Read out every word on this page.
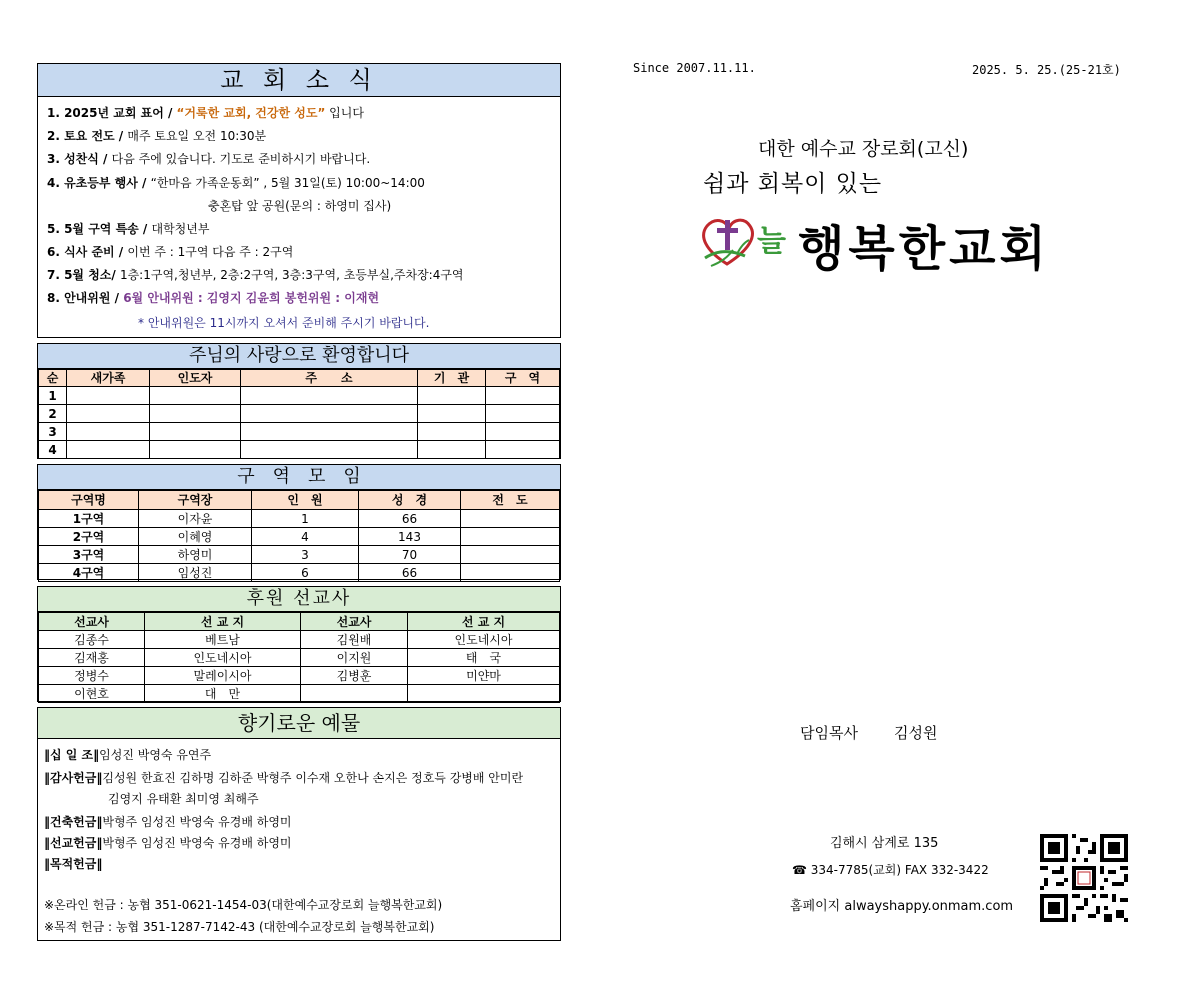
교 회 소 식
1. 2025년 교회 표어 / “거룩한 교회, 건강한 성도” 입니다
2. 토요 전도 / 매주 토요일 오전 10:30분
3. 성찬식 / 다음 주에 있습니다. 기도로 준비하시기 바랍니다.
4. 유초등부 행사 / “한마음 가족운동회” , 5월 31일(토) 10:00~14:00
충혼탑 앞 공원(문의 : 하영미 집사)
5. 5월 구역 특송 / 대학청년부
6. 식사 준비 / 이번 주 : 1구역 다음 주 : 2구역
7. 5월 청소/ 1층:1구역,청년부, 2층:2구역, 3층:3구역, 초등부실,주차장:4구역
8. 안내위원 / 6월 안내위원 : 김영지 김윤희 봉헌위원 : 이재현
* 안내위원은 11시까지 오셔서 준비해 주시기 바랍니다.
주님의 사랑으로 환영합니다
순	새가족	인도자	주　　소	기　관	구　역
1					
2					
3					
4					
구　역　모　임
구역명	구역장	인　원	성　경	전　도
1구역	이자윤	1	66	
2구역	이혜영	4	143	
3구역	하영미	3	70	
4구역	임성진	6	66	
후원 선교사
선교사	선 교 지	선교사	선 교 지
김종수	베트남	김원배	인도네시아
김재홍	인도네시아	이지원	태　국
정병수	말레이시아	김병훈	미얀마
이현호	대　만		
향기로운 예물
‖십 일 조‖임성진 박영숙 유연주
‖감사헌금‖김성원 한효진 김하명 김하준 박형주 이수재 오한나 손지은 정호득 강병배 안미란
김영지 유태환 최미영 최해주
‖건축헌금‖박형주 임성진 박영숙 유경배 하영미
‖선교헌금‖박형주 임성진 박영숙 유경배 하영미
‖목적헌금‖
※온라인 헌금 : 농협 351-0621-1454-03(대한예수교장로회 늘행복한교회)
※목적 헌금 : 농협 351-1287-7142-43 (대한예수교장로회 늘행복한교회)
Since 2007.11.11.	2025. 5. 25.(25-21호)
대한 예수교 장로회(고신)
쉼과 회복이 있는
늘 행복한교회
담임목사 김성원
김해시 삼계로 135
☎ 334-7785(교회) FAX 332-3422
홈페이지 alwayshappy.onmam.com
